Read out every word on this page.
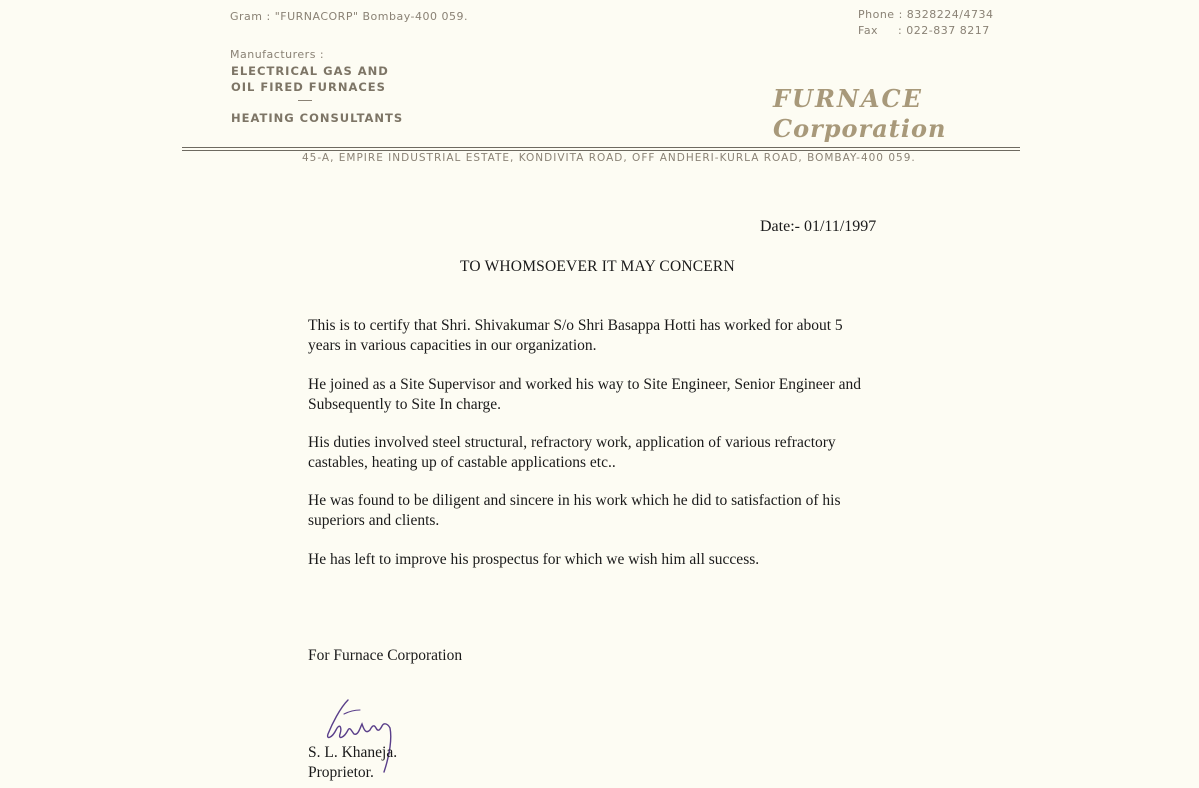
Gram : "FURNACORP" Bombay-400 059.	Phone : 8328224/4734
Fax     : 022-837 8217
Manufacturers :
ELECTRICAL GAS AND
OIL FIRED FURNACES
HEATING CONSULTANTS
FURNACE
Corporation
45-A, EMPIRE INDUSTRIAL ESTATE, KONDIVITA ROAD, OFF ANDHERI-KURLA ROAD, BOMBAY-400 059.
Date:- 01/11/1997
TO WHOMSOEVER IT MAY CONCERN
This is to certify that Shri. Shivakumar S/o Shri Basappa Hotti has worked for about 5
years in various capacities in our organization.
He joined as a Site Supervisor and worked his way to Site Engineer, Senior Engineer and
Subsequently to Site In charge.
His duties involved steel structural, refractory work, application of various refractory
castables, heating up of castable applications etc..
He was found to be diligent and sincere in his work which he did to satisfaction of his
superiors and clients.
He has left to improve his prospectus for which we wish him all success.
For Furnace Corporation
S. L. Khaneja.
Proprietor.
